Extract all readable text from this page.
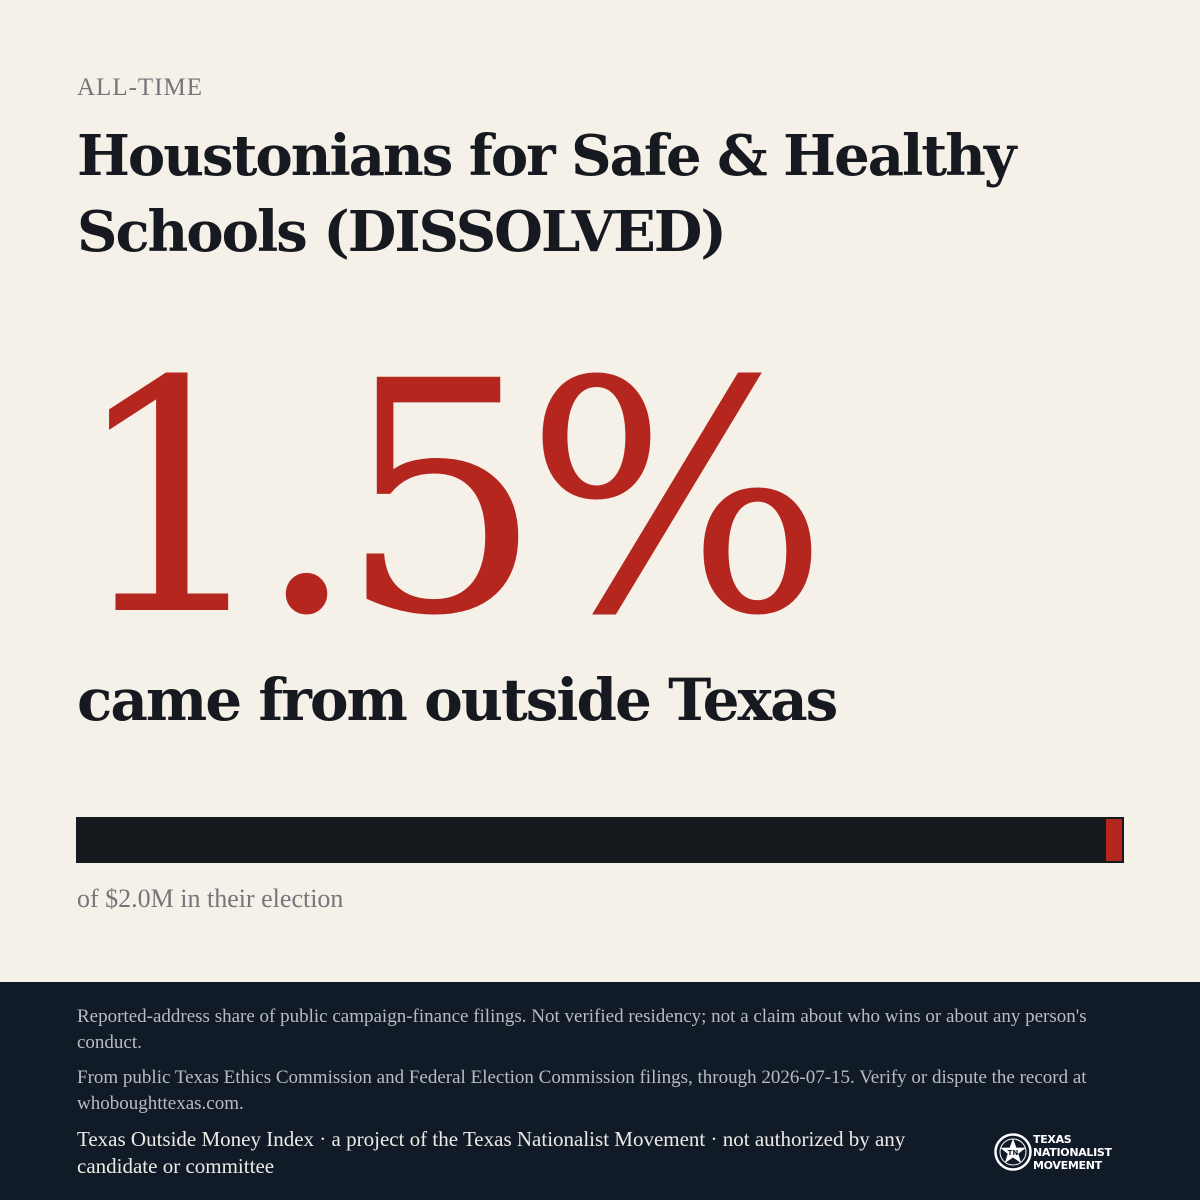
ALL-TIME
Houstonians for Safe & Healthy Schools (DISSOLVED)
1.5%
came from outside Texas
of $2.0M in their election
Reported-address share of public campaign-finance filings. Not verified residency; not a claim about who wins or about any person's conduct.
From public Texas Ethics Commission and Federal Election Commission filings, through 2026-07-15. Verify or dispute the record at whoboughttexas.com.
Texas Outside Money Index · a project of the Texas Nationalist Movement · not authorized by any candidate or committee
TN
TEXAS
NATIONALIST
MOVEMENT
